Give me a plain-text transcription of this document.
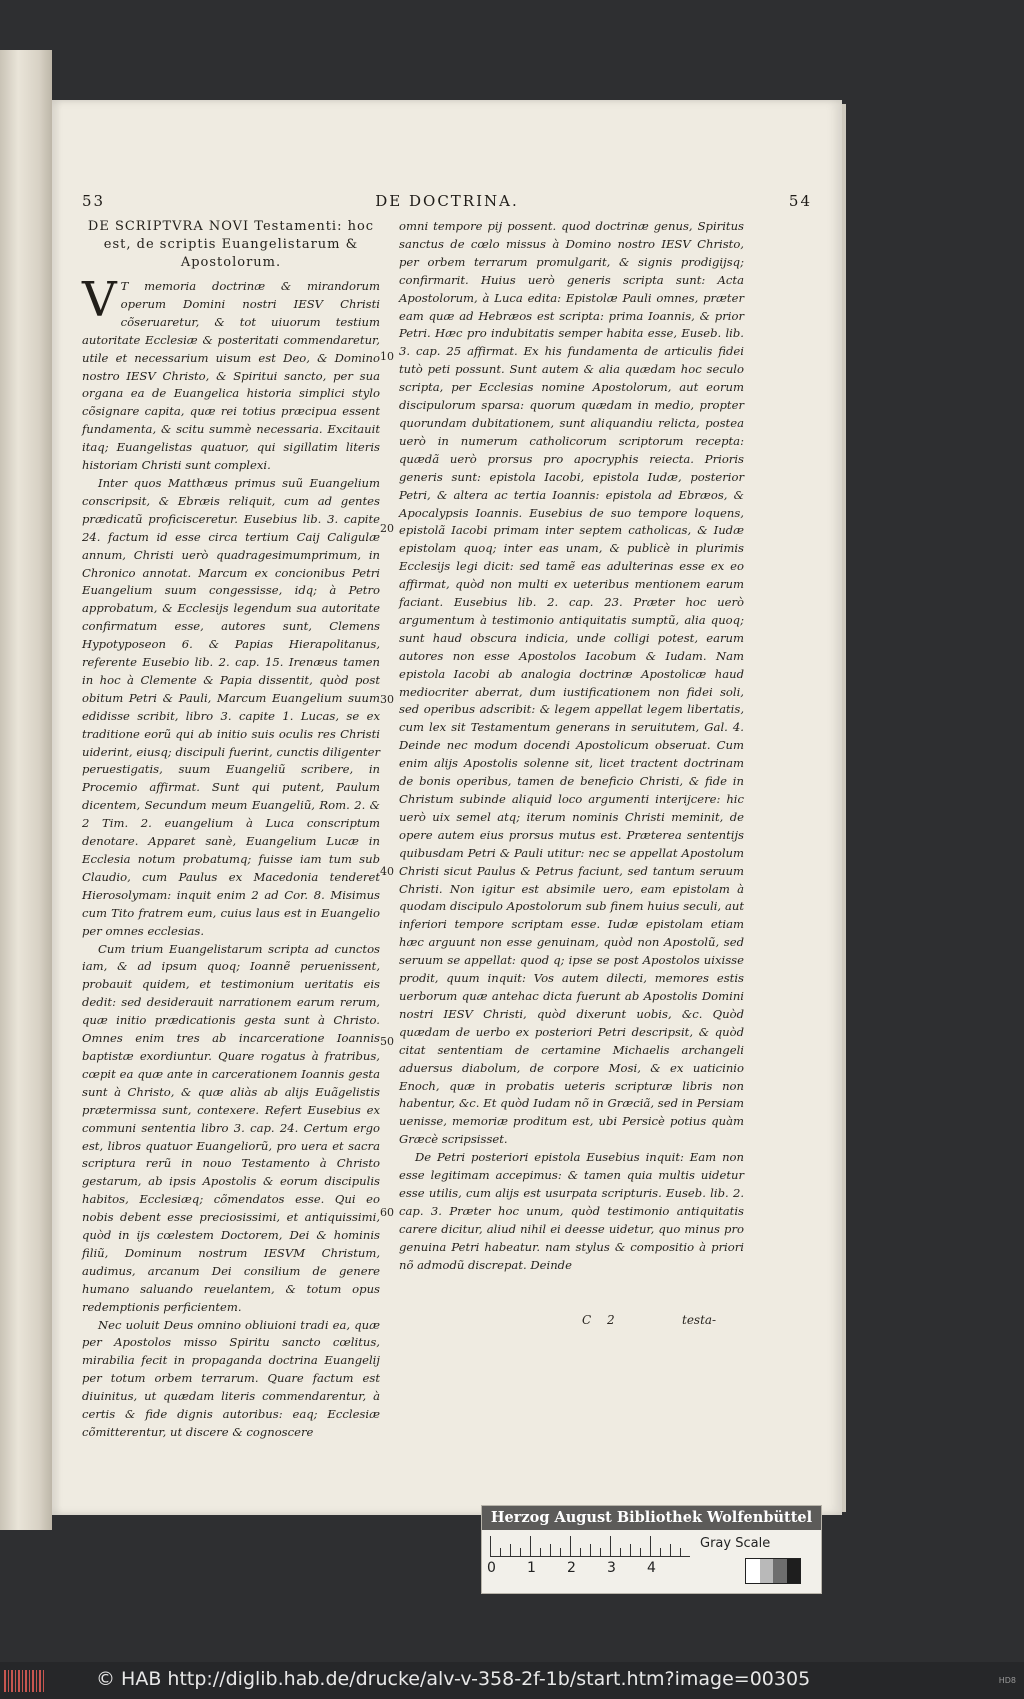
53	DE DOCTRINA.	54

DE SCRIPTVRA NOVI Testamenti: hoc est, de scriptis Euangelistarum & Apostolorum.

V T memoria doctrinæ & mirandorum operum Domini nostri IESV Christi cõseruaretur, & tot uiuorum testium autoritate Ecclesiæ & posteritati commendaretur, utile et necessarium uisum est Deo, & Domino nostro IESV Christo, & Spiritui sancto, per sua organa ea de Euangelica historia simplici stylo cõsignare capita, quæ rei totius præcipua essent fundamenta, & scitu summè necessaria. Excitauit itaq; Euangelistas quatuor, qui sigillatim literis historiam Christi sunt complexi.

Inter quos Matthæus primus suũ Euangelium conscripsit, & Ebræis reliquit, cum ad gentes prædicatũ proficisceretur. Eusebius lib. 3. capite 24. factum id esse circa tertium Caij Caligulæ annum, Christi uerò quadragesimumprimum, in Chronico annotat. Marcum ex concionibus Petri Euangelium suum congessisse, idq; à Petro approbatum, & Ecclesijs legendum sua autoritate confirmatum esse, autores sunt, Clemens Hypotyposeon 6. & Papias Hierapolitanus, referente Eusebio lib. 2. cap. 15. Irenæus tamen in hoc à Clemente & Papia dissentit, quòd post obitum Petri & Pauli, Marcum Euangelium suum edidisse scribit, libro 3. capite 1. Lucas, se ex traditione eorũ qui ab initio suis oculis res Christi uiderint, eiusq; discipuli fuerint, cunctis diligenter peruestigatis, suum Euangeliũ scribere, in Procemio affirmat. Sunt qui putent, Paulum dicentem, Secundum meum Euangeliũ, Rom. 2. & 2 Tim. 2. euangelium à Luca conscriptum denotare. Apparet sanè, Euangelium Lucæ in Ecclesia notum probatumq; fuisse iam tum sub Claudio, cum Paulus ex Macedonia tenderet Hierosolymam: inquit enim 2 ad Cor. 8. Misimus cum Tito fratrem eum, cuius laus est in Euangelio per omnes ecclesias.

Cum trium Euangelistarum scripta ad cunctos iam, & ad ipsum quoq; Ioannẽ peruenissent, probauit quidem, et testimonium ueritatis eis dedit: sed desiderauit narrationem earum rerum, quæ initio prædicationis gesta sunt à Christo. Omnes enim tres ab incarceratione Ioannis baptistæ exordiuntur. Quare rogatus à fratribus, cœpit ea quæ ante in carcerationem Ioannis gesta sunt à Christo, & quæ aliàs ab alijs Euãgelistis prætermissa sunt, contexere. Refert Eusebius ex communi sententia libro 3. cap. 24. Certum ergo est, libros quatuor Euangeliorũ, pro uera et sacra scriptura rerũ in nouo Testamento à Christo gestarum, ab ipsis Apostolis & eorum discipulis habitos, Ecclesiæq; cõmendatos esse. Qui eo nobis debent esse preciosissimi, et antiquissimi, quòd in ijs cœlestem Doctorem, Dei & hominis filiũ, Dominum nostrum IESVM Christum, audimus, arcanum Dei consilium de genere humano saluando reuelantem, & totum opus redemptionis perficientem.

Nec uoluit Deus omnino obliuioni tradi ea, quæ per Apostolos misso Spiritu sancto cœlitus, mirabilia fecit in propaganda doctrina Euangelij per totum orbem terrarum. Quare factum est diuinitus, ut quædam literis commendarentur, à certis & fide dignis autoribus: eaq; Ecclesiæ cõmitterentur, ut discere & cognoscere

omni tempore pij possent. quod doctrinæ genus, Spiritus sanctus de cœlo missus à Domino nostro IESV Christo, per orbem terrarum promulgarit, & signis prodigijsq; confirmarit. Huius uerò generis scripta sunt: Acta Apostolorum, à Luca edita: Epistolæ Pauli omnes, præter eam quæ ad Hebræos est scripta: prima Ioannis, & prior Petri. Hæc pro indubitatis semper habita esse, Euseb. lib. 3. cap. 25 affirmat. Ex his fundamenta de articulis fidei tutò peti possunt. Sunt autem & alia quædam hoc seculo scripta, per Ecclesias nomine Apostolorum, aut eorum discipulorum sparsa: quorum quædam in medio, propter quorundam dubitationem, sunt aliquandiu relicta, postea uerò in numerum catholicorum scriptorum recepta: quædã uerò prorsus pro apocryphis reiecta. Prioris generis sunt: epistola Iacobi, epistola Iudæ, posterior Petri, & altera ac tertia Ioannis: epistola ad Ebræos, & Apocalypsis Ioannis. Eusebius de suo tempore loquens, epistolã Iacobi primam inter septem catholicas, & Iudæ epistolam quoq; inter eas unam, & publicè in plurimis Ecclesijs legi dicit: sed tamẽ eas adulterinas esse ex eo affirmat, quòd non multi ex ueteribus mentionem earum faciant. Eusebius lib. 2. cap. 23. Præter hoc uerò argumentum à testimonio antiquitatis sumptũ, alia quoq; sunt haud obscura indicia, unde colligi potest, earum autores non esse Apostolos Iacobum & Iudam. Nam epistola Iacobi ab analogia doctrinæ Apostolicæ haud mediocriter aberrat, dum iustificationem non fidei soli, sed operibus adscribit: & legem appellat legem libertatis, cum lex sit Testamentum generans in seruitutem, Gal. 4. Deinde nec modum docendi Apostolicum obseruat. Cum enim alijs Apostolis solenne sit, licet tractent doctrinam de bonis operibus, tamen de beneficio Christi, & fide in Christum subinde aliquid loco argumenti interijcere: hic uerò uix semel atq; iterum nominis Christi meminit, de opere autem eius prorsus mutus est. Præterea sententijs quibusdam Petri & Pauli utitur: nec se appellat Apostolum Christi sicut Paulus & Petrus faciunt, sed tantum seruum Christi. Non igitur est absimile uero, eam epistolam à quodam discipulo Apostolorum sub finem huius seculi, aut inferiori tempore scriptam esse. Iudæ epistolam etiam hæc arguunt non esse genuinam, quòd non Apostolũ, sed seruum se appellat: quod q; ipse se post Apostolos uixisse prodit, quum inquit: Vos autem dilecti, memores estis uerborum quæ antehac dicta fuerunt ab Apostolis Domini nostri IESV Christi, quòd dixerunt uobis, &c. Quòd quædam de uerbo ex posteriori Petri descripsit, & quòd citat sententiam de certamine Michaelis archangeli aduersus diabolum, de corpore Mosi, & ex uaticinio Enoch, quæ in probatis ueteris scripturæ libris non habentur, &c. Et quòd Iudam nõ in Græciã, sed in Persiam uenisse, memoriæ proditum est, ubi Persicè potius quàm Græcè scripsisset.

De Petri posteriori epistola Eusebius inquit: Eam non esse legitimam accepimus: & tamen quia multis uidetur esse utilis, cum alijs est usurpata scripturis. Euseb. lib. 2. cap. 3. Præter hoc unum, quòd testimonio antiquitatis carere dicitur, aliud nihil ei deesse uidetur, quo minus pro genuina Petri habeatur. nam stylus & compositio à priori nõ admodũ discrepat. Deinde

10
20
30
40
50
60
C 2	testa-
Herzog August Bibliothek Wolfenbüttel
0 1 2 3 4
Gray Scale
© HAB http://diglib.hab.de/drucke/alv-v-358-2f-1b/start.htm?image=00305	HD8
